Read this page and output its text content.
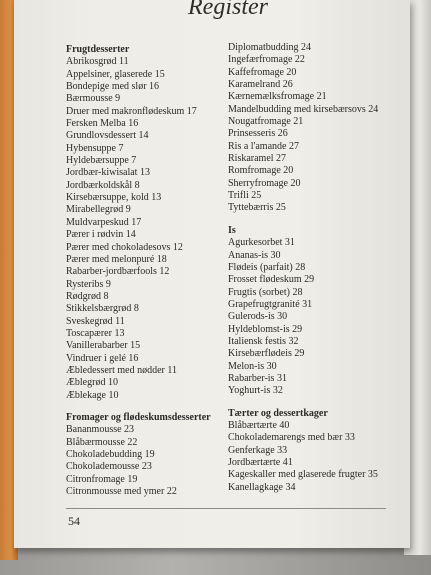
Register
Frugtdesserter
Abrikosgrød 11
Appelsiner, glaserede 15
Bondepige med slør 16
Bærmousse 9
Druer med makronflødeskum 17
Fersken Melba 16
Grundlovsdessert 14
Hybensuppe 7
Hyldebærsuppe 7
Jordbær-kiwisalat 13
Jordbærkoldskål 8
Kirsebærsuppe, kold 13
Mirabellegrød 9
Muldvarpeskud 17
Pærer i rødvin 14
Pærer med chokoladesovs 12
Pærer med melonpuré 18
Rabarber-jordbærfools 12
Rysteribs 9
Rødgrød 8
Stikkelsbærgrød 8
Sveskegrød 11
Toscapærer 13
Vanillerabarber 15
Vindruer i gelé 16
Æbledessert med nødder 11
Æblegrød 10
Æblekage 10
Fromager og flødeskumsdesserter
Bananmousse 23
Blåbærmousse 22
Chokoladebudding 19
Chokolademousse 23
Citronfromage 19
Citronmousse med ymer 22
Diplomatbudding 24
Ingefærfromage 22
Kaffefromage 20
Karamelrand 26
Kærnemælksfromage 21
Mandelbudding med kirsebærsovs 24
Nougatfromage 21
Prinsesseris 26
Ris a l'amande 27
Riskaramel 27
Romfromage 20
Sherryfromage 20
Trifli 25
Tyttebærris 25
Is
Agurkesorbet 31
Ananas-is 30
Flødeis (parfait) 28
Frosset flødeskum 29
Frugtis (sorbet) 28
Grapefrugtgranité 31
Gulerods-is 30
Hyldeblomst-is 29
Italiensk festis 32
Kirsebærflødeis 29
Melon-is 30
Rabarber-is 31
Yoghurt-is 32
Tærter og dessertkager
Blåbærtærte 40
Chokolademarengs med bær 33
Genferkage 33
Jordbærtærte 41
Kageskaller med glaserede frugter 35
Kanellagkage 34
54
